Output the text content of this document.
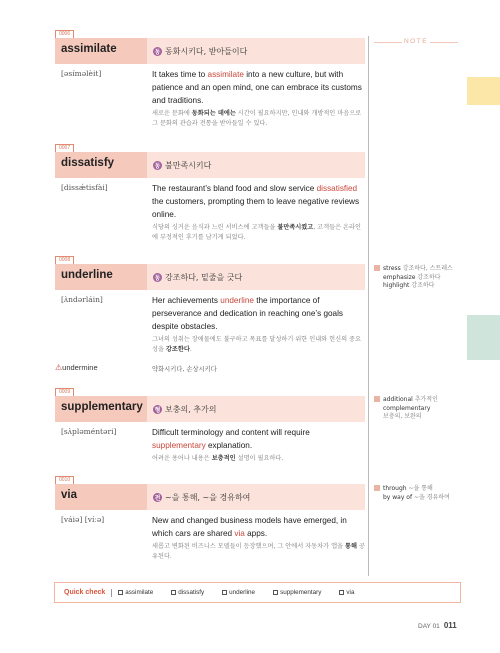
0006
assimilate	동 동화시키다, 받아들이다
[əsíməlèit]	It takes time to assimilate into a new culture, but with patience and an open mind, one can embrace its customs and traditions.
새로운 문화에 동화되는 데에는 시간이 필요하지만, 인내와 개방적인 마음으로 그 문화의 관습과 전통을 받아들일 수 있다.
0007
dissatisfy	동 불만족시키다
[dissǽtisfài]	The restaurant’s bland food and slow service dissatisfied the customers, prompting them to leave negative reviews online.
식당의 싱거운 음식과 느린 서비스에 고객들을 불만족시켰고, 고객들은 온라인에 부정적인 후기를 남기게 되었다.
0008
underline	동 강조하다, 밑줄을 긋다
[ʌ̀ndərláin]	Her achievements underline the importance of perseverance and dedication in reaching one’s goals despite obstacles.
그녀의 성취는 장애물에도 불구하고 목표를 달성하기 위한 인내와 헌신의 중요성을 강조한다.
⚠undermine	약화시키다, 손상시키다
0009
supplementary 형 보충의, 추가의
[sʌ̀pləméntəri]	Difficult terminology and content will require supplementary explanation.
어려운 용어나 내용은 보충적인 설명이 필요하다.
0010
via	전 ~을 통해, ~을 경유하여
[váiə] [víːə]	New and changed business models have emerged, in which cars are shared via apps.
새롭고 변화된 비즈니스 모델들이 등장했으며, 그 안에서 자동차가 앱을 통해 공유된다.
NOTE
stress 강조하다, 스트레스
emphasize 강조하다
highlight 강조하다
additional 추가적인
complementary
보충의, 보완의
through ~을 통해
by way of ~을 경유하여
Quick check	assimilate	dissatisfy	underline	supplementary	via
DAY 01 011
